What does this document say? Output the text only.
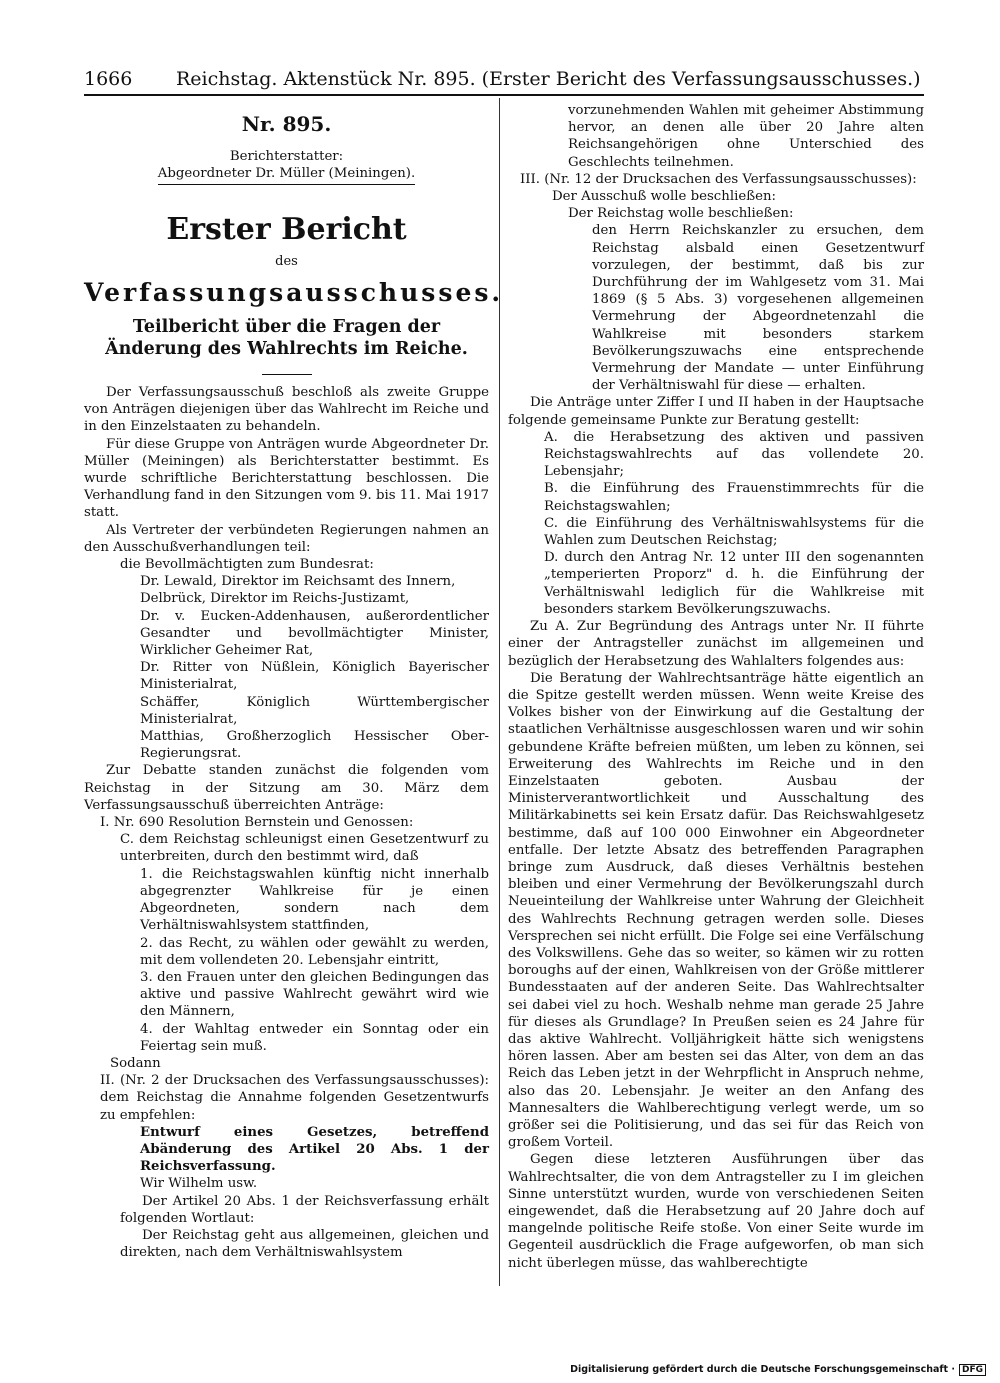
1666 Reichstag. Aktenstück Nr. 895. (Erster Bericht des Verfassungsausschusses.)
Nr. 895.
Berichterstatter:
Abgeordneter Dr. Müller (Meiningen).
Erster Bericht
des
Verfassungsausschusses.
Teilbericht über die Fragen der Änderung des Wahlrechts im Reiche.

Der Verfassungsausschuß beschloß als zweite Gruppe von Anträgen diejenigen über das Wahlrecht im Reiche und in den Einzelstaaten zu behandeln.

Für diese Gruppe von Anträgen wurde Abgeordneter Dr. Müller (Meiningen) als Berichterstatter bestimmt. Es wurde schriftliche Berichterstattung beschlossen. Die Verhandlung fand in den Sitzungen vom 9. bis 11. Mai 1917 statt.

Als Vertreter der verbündeten Regierungen nahmen an den Ausschußverhandlungen teil:

die Bevollmächtigten zum Bundesrat:

Dr. Lewald, Direktor im Reichsamt des Innern,

Delbrück, Direktor im Reichs-Justizamt,

Dr. v. Eucken-Addenhausen, außerordentlicher Gesandter und bevollmächtigter Minister, Wirklicher Geheimer Rat,

Dr. Ritter von Nüßlein, Königlich Bayerischer Ministerialrat,

Schäffer, Königlich Württembergischer Ministerialrat,

Matthias, Großherzoglich Hessischer Ober-Regierungsrat.

Zur Debatte standen zunächst die folgenden vom Reichstag in der Sitzung am 30. März dem Verfassungsausschuß überreichten Anträge:

I. Nr. 690 Resolution Bernstein und Genossen:

C. dem Reichstag schleunigst einen Gesetzentwurf zu unterbreiten, durch den bestimmt wird, daß

1. die Reichstagswahlen künftig nicht innerhalb abgegrenzter Wahlkreise für je einen Abgeordneten, sondern nach dem Verhältniswahlsystem stattfinden,

2. das Recht, zu wählen oder gewählt zu werden, mit dem vollendeten 20. Lebensjahr eintritt,

3. den Frauen unter den gleichen Bedingungen das aktive und passive Wahlrecht gewährt wird wie den Männern,

4. der Wahltag entweder ein Sonntag oder ein Feiertag sein muß.

Sodann

II. (Nr. 2 der Drucksachen des Verfassungsausschusses): dem Reichstag die Annahme folgenden Gesetzentwurfs zu empfehlen:

Entwurf eines Gesetzes, betreffend Abänderung des Artikel 20 Abs. 1 der Reichsverfassung.

Wir Wilhelm usw.

Der Artikel 20 Abs. 1 der Reichsverfassung erhält folgenden Wortlaut:

Der Reichstag geht aus allgemeinen, gleichen und direkten, nach dem Verhältniswahlsystem

vorzunehmenden Wahlen mit geheimer Abstimmung hervor, an denen alle über 20 Jahre alten Reichsangehörigen ohne Unterschied des Geschlechts teilnehmen.

III. (Nr. 12 der Drucksachen des Verfassungsausschusses):

Der Ausschuß wolle beschließen:

Der Reichstag wolle beschließen:

den Herrn Reichskanzler zu ersuchen, dem Reichstag alsbald einen Gesetzentwurf vorzulegen, der bestimmt, daß bis zur Durchführung der im Wahlgesetz vom 31. Mai 1869 (§ 5 Abs. 3) vorgesehenen allgemeinen Vermehrung der Abgeordnetenzahl die Wahlkreise mit besonders starkem Bevölkerungszuwachs eine entsprechende Vermehrung der Mandate — unter Einführung der Verhältniswahl für diese — erhalten.

Die Anträge unter Ziffer I und II haben in der Hauptsache folgende gemeinsame Punkte zur Beratung gestellt:

A. die Herabsetzung des aktiven und passiven Reichstagswahlrechts auf das vollendete 20. Lebensjahr;

B. die Einführung des Frauenstimmrechts für die Reichstagswahlen;

C. die Einführung des Verhältniswahlsystems für die Wahlen zum Deutschen Reichstag;

D. durch den Antrag Nr. 12 unter III den sogenannten „temperierten Proporz" d. h. die Einführung der Verhältniswahl lediglich für die Wahlkreise mit besonders starkem Bevölkerungszuwachs.

Zu A. Zur Begründung des Antrags unter Nr. II führte einer der Antragsteller zunächst im allgemeinen und bezüglich der Herabsetzung des Wahlalters folgendes aus:

Die Beratung der Wahlrechtsanträge hätte eigentlich an die Spitze gestellt werden müssen. Wenn weite Kreise des Volkes bisher von der Einwirkung auf die Gestaltung der staatlichen Verhältnisse ausgeschlossen waren und wir sohin gebundene Kräfte befreien müßten, um leben zu können, sei Erweiterung des Wahlrechts im Reiche und in den Einzelstaaten geboten. Ausbau der Ministerverantwortlichkeit und Ausschaltung des Militärkabinetts sei kein Ersatz dafür. Das Reichswahlgesetz bestimme, daß auf 100 000 Einwohner ein Abgeordneter entfalle. Der letzte Absatz des betreffenden Paragraphen bringe zum Ausdruck, daß dieses Verhältnis bestehen bleiben und einer Vermehrung der Bevölkerungszahl durch Neueinteilung der Wahlkreise unter Wahrung der Gleichheit des Wahlrechts Rechnung getragen werden solle. Dieses Versprechen sei nicht erfüllt. Die Folge sei eine Verfälschung des Volkswillens. Gehe das so weiter, so kämen wir zu rotten boroughs auf der einen, Wahlkreisen von der Größe mittlerer Bundesstaaten auf der anderen Seite. Das Wahlrechtsalter sei dabei viel zu hoch. Weshalb nehme man gerade 25 Jahre für dieses als Grundlage? In Preußen seien es 24 Jahre für das aktive Wahlrecht. Volljährigkeit hätte sich wenigstens hören lassen. Aber am besten sei das Alter, von dem an das Reich das Leben jetzt in der Wehrpflicht in Anspruch nehme, also das 20. Lebensjahr. Je weiter an den Anfang des Mannesalters die Wahlberechtigung verlegt werde, um so größer sei die Politisierung, und das sei für das Reich von großem Vorteil.

Gegen diese letzteren Ausführungen über das Wahlrechtsalter, die von dem Antragsteller zu I im gleichen Sinne unterstützt wurden, wurde von verschiedenen Seiten eingewendet, daß die Herabsetzung auf 20 Jahre doch auf mangelnde politische Reife stoße. Von einer Seite wurde im Gegenteil ausdrücklich die Frage aufgeworfen, ob man sich nicht überlegen müsse, das wahlberechtigte

Digitalisierung gefördert durch die Deutsche Forschungsgemeinschaft · DFG
